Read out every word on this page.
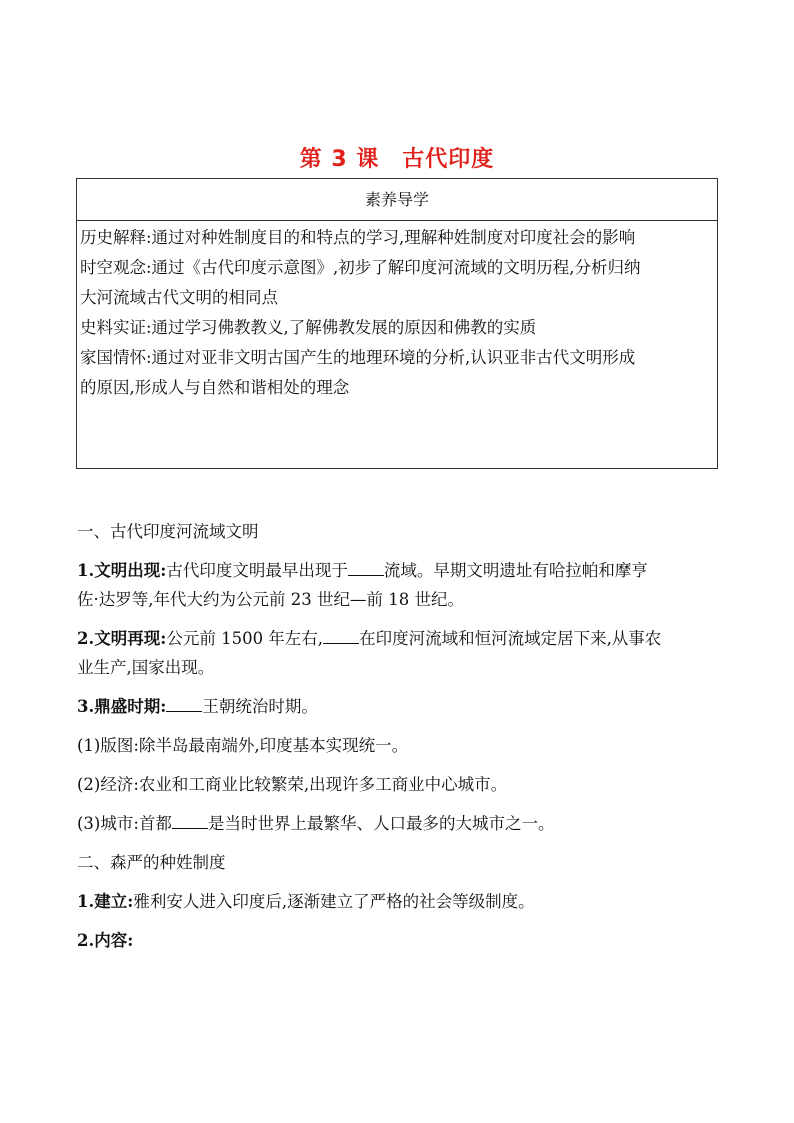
第 3 课　古代印度
素养导学
历史解释:通过对种姓制度目的和特点的学习,理解种姓制度对印度社会的影响
时空观念:通过《古代印度示意图》,初步了解印度河流域的文明历程,分析归纳
大河流域古代文明的相同点
史料实证:通过学习佛教教义,了解佛教发展的原因和佛教的实质
家国情怀:通过对亚非文明古国产生的地理环境的分析,认识亚非古代文明形成
的原因,形成人与自然和谐相处的理念

一、古代印度河流域文明

1.文明出现:古代印度文明最早出现于 流域。早期文明遗址有哈拉帕和摩亨

佐·达罗等,年代大约为公元前 23 世纪—前 18 世纪。

2.文明再现:公元前 1500 年左右, 在印度河流域和恒河流域定居下来,从事农

业生产,国家出现。

3.鼎盛时期: 王朝统治时期。

(1)版图:除半岛最南端外,印度基本实现统一。

(2)经济:农业和工商业比较繁荣,出现许多工商业中心城市。

(3)城市:首都 是当时世界上最繁华、人口最多的大城市之一。

二、森严的种姓制度

1.建立:雅利安人进入印度后,逐渐建立了严格的社会等级制度。

2.内容:
